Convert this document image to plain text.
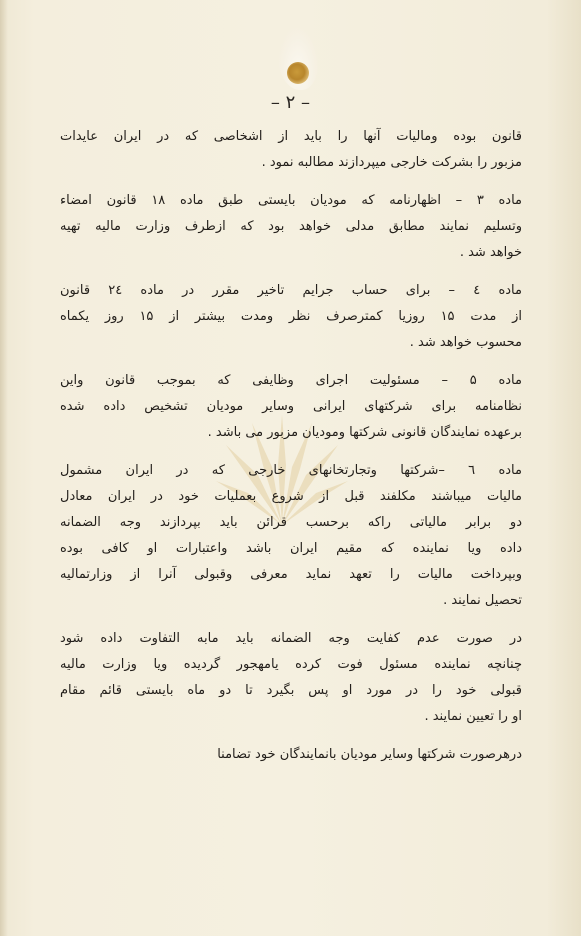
– ۲ –
قانون بوده ومالیات آنها را باید از اشخاصی که در ایران عایدات
مزبور را بشرکت خارجی میپردازند مطالبه نمود .
ماده ۳ – اظهارنامه که مودیان بایستی طبق ماده ۱۸ قانون امضاء
وتسلیم نمایند مطابق مدلی خواهد بود که ازطرف وزارت مالیه تهیه
خواهد شد .
ماده ٤ – برای حساب جرایم تاخیر مقرر در ماده ۲٤ قانون
از مدت ۱۵ روزیا کمترصرف نظر ومدت بیشتر از ۱۵ روز یکماه
محسوب خواهد شد .
ماده ۵ – مسئولیت اجرای وظایفی که بموجب قانون واین
نظامنامه برای شرکتهای ایرانی وسایر مودیان تشخیص داده شده
برعهده نمایندگان قانونی شرکتها ومودیان مزبور می باشد .
ماده ٦ –شرکتها وتجارتخانهای خارجی که در ایران مشمول
مالیات میباشند مکلفند قبل از شروع بعملیات خود در ایران معادل
دو برابر مالیاتی راکه برحسب قرائن باید بپردازند وجه الضمانه
داده ویا نماینده که مقیم ایران باشد واعتبارات او کافی بوده
وبپرداخت مالیات را تعهد نماید معرفی وقبولی آنرا از وزارتمالیه
تحصیل نمایند .
در صورت عدم کفایت وجه الضمانه باید مابه التفاوت داده شود
چنانچه نماینده مسئول فوت کرده یامهجور گردیده ویا وزارت مالیه
قبولی خود را در مورد او پس بگیرد تا دو ماه بایستی قائم مقام
او را تعیین نمایند .
درهرصورت شرکتها وسایر مودیان بانمایندگان خود تضامنا
